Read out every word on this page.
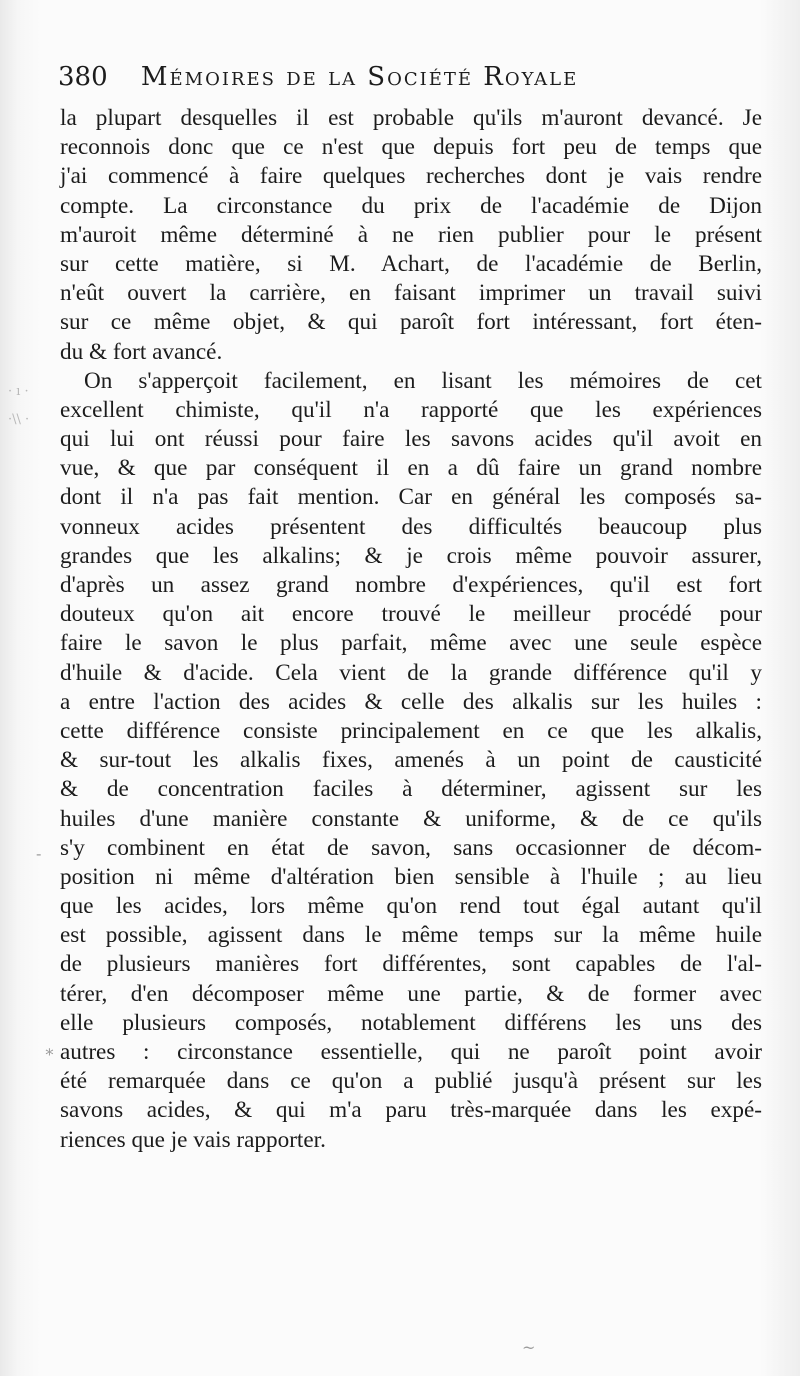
380 Mémoires de la Société Royale
· ı ·
·\\ ·
la plupart desquelles il est probable qu'ils m'auront devancé. Je
reconnois donc que ce n'est que depuis fort peu de temps que
j'ai commencé à faire quelques recherches dont je vais rendre
compte. La circonstance du prix de l'académie de Dijon
m'auroit même déterminé à ne rien publier pour le présent
sur cette matière, si M. Achart, de l'académie de Berlin,
n'eût ouvert la carrière, en faisant imprimer un travail suivi
sur ce même objet, & qui paroît fort intéressant, fort éten-
du & fort avancé.
On s'apperçoit facilement, en lisant les mémoires de cet
excellent chimiste, qu'il n'a rapporté que les expériences
qui lui ont réussi pour faire les savons acides qu'il avoit en
vue, & que par conséquent il en a dû faire un grand nombre
dont il n'a pas fait mention. Car en général les composés sa-
vonneux acides présentent des difficultés beaucoup plus
grandes que les alkalins; & je crois même pouvoir assurer,
d'après un assez grand nombre d'expériences, qu'il est fort
douteux qu'on ait encore trouvé le meilleur procédé pour
faire le savon le plus parfait, même avec une seule espèce
d'huile & d'acide. Cela vient de la grande différence qu'il y
a entre l'action des acides & celle des alkalis sur les huiles :
cette différence consiste principalement en ce que les alkalis,
& sur-tout les alkalis fixes, amenés à un point de causticité
& de concentration faciles à déterminer, agissent sur les
huiles d'une manière constante & uniforme, & de ce qu'ils
s'y combinent en état de savon, sans occasionner de décom-
position ni même d'altération bien sensible à l'huile ; au lieu
que les acides, lors même qu'on rend tout égal autant qu'il
est possible, agissent dans le même temps sur la même huile
de plusieurs manières fort différentes, sont capables de l'al-
térer, d'en décomposer même une partie, & de former avec
elle plusieurs composés, notablement différens les uns des
autres : circonstance essentielle, qui ne paroît point avoir
été remarquée dans ce qu'on a publié jusqu'à présent sur les
savons acides, & qui m'a paru très-marquée dans les expé-
riences que je vais rapporter.
-
∗
~
